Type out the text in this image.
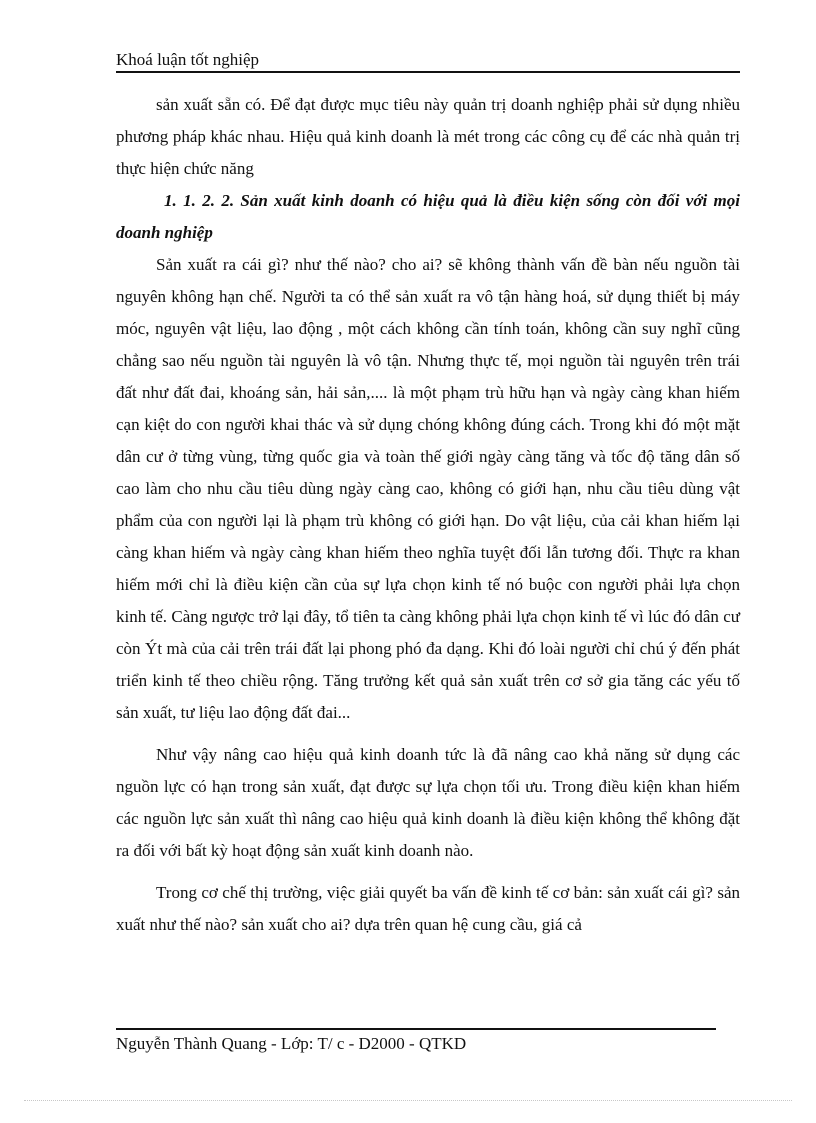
Khoá luận tốt nghiệp

sản xuất sẵn có. Để đạt được mục tiêu này quản trị doanh nghiệp phải sử dụng nhiều phương pháp khác nhau. Hiệu quả kinh doanh là mét trong các công cụ để các nhà quản trị thực hiện chức năng

1. 1. 2. 2. Sản xuất kinh doanh có hiệu quả là điều kiện sống còn đối với mọi doanh nghiệp

Sản xuất ra cái gì? như thế nào? cho ai? sẽ không thành vấn đề bàn nếu nguồn tài nguyên không hạn chế. Người ta có thể sản xuất ra vô tận hàng hoá, sử dụng thiết bị máy móc, nguyên vật liệu, lao động , một cách không cần tính toán, không cần suy nghĩ cũng chẳng sao nếu nguồn tài nguyên là vô tận. Nhưng thực tế, mọi nguồn tài nguyên trên trái đất như đất đai, khoáng sản, hải sản,.... là một phạm trù hữu hạn và ngày càng khan hiếm cạn kiệt do con người khai thác và sử dụng chóng không đúng cách. Trong khi đó một mặt dân cư ở từng vùng, từng quốc gia và toàn thế giới ngày càng tăng và tốc độ tăng dân số cao làm cho nhu cầu tiêu dùng ngày càng cao, không có giới hạn, nhu cầu tiêu dùng vật phẩm của con người lại là phạm trù không có giới hạn. Do vật liệu, của cải khan hiếm lại càng khan hiếm và ngày càng khan hiếm theo nghĩa tuyệt đối lẫn tương đối. Thực ra khan hiếm mới chỉ là điều kiện cần của sự lựa chọn kinh tế nó buộc con người phải lựa chọn kinh tế. Càng ngược trở lại đây, tổ tiên ta càng không phải lựa chọn kinh tế vì lúc đó dân cư còn Ýt mà của cải trên trái đất lại phong phó đa dạng. Khi đó loài người chỉ chú ý đến phát triển kinh tế theo chiều rộng. Tăng trưởng kết quả sản xuất trên cơ sở gia tăng các yếu tố sản xuất, tư liệu lao động đất đai...

Như vậy nâng cao hiệu quả kinh doanh tức là đã nâng cao khả năng sử dụng các nguồn lực có hạn trong sản xuất, đạt được sự lựa chọn tối ưu. Trong điều kiện khan hiếm các nguồn lực sản xuất thì nâng cao hiệu quả kinh doanh là điều kiện không thể không đặt ra đối với bất kỳ hoạt động sản xuất kinh doanh nào.

Trong cơ chế thị trường, việc giải quyết ba vấn đề kinh tế cơ bản: sản xuất cái gì? sản xuất như thế nào? sản xuất cho ai? dựa trên quan hệ cung cầu, giá cả

Nguyễn Thành Quang - Lớp: T/ c - D2000 - QTKD
